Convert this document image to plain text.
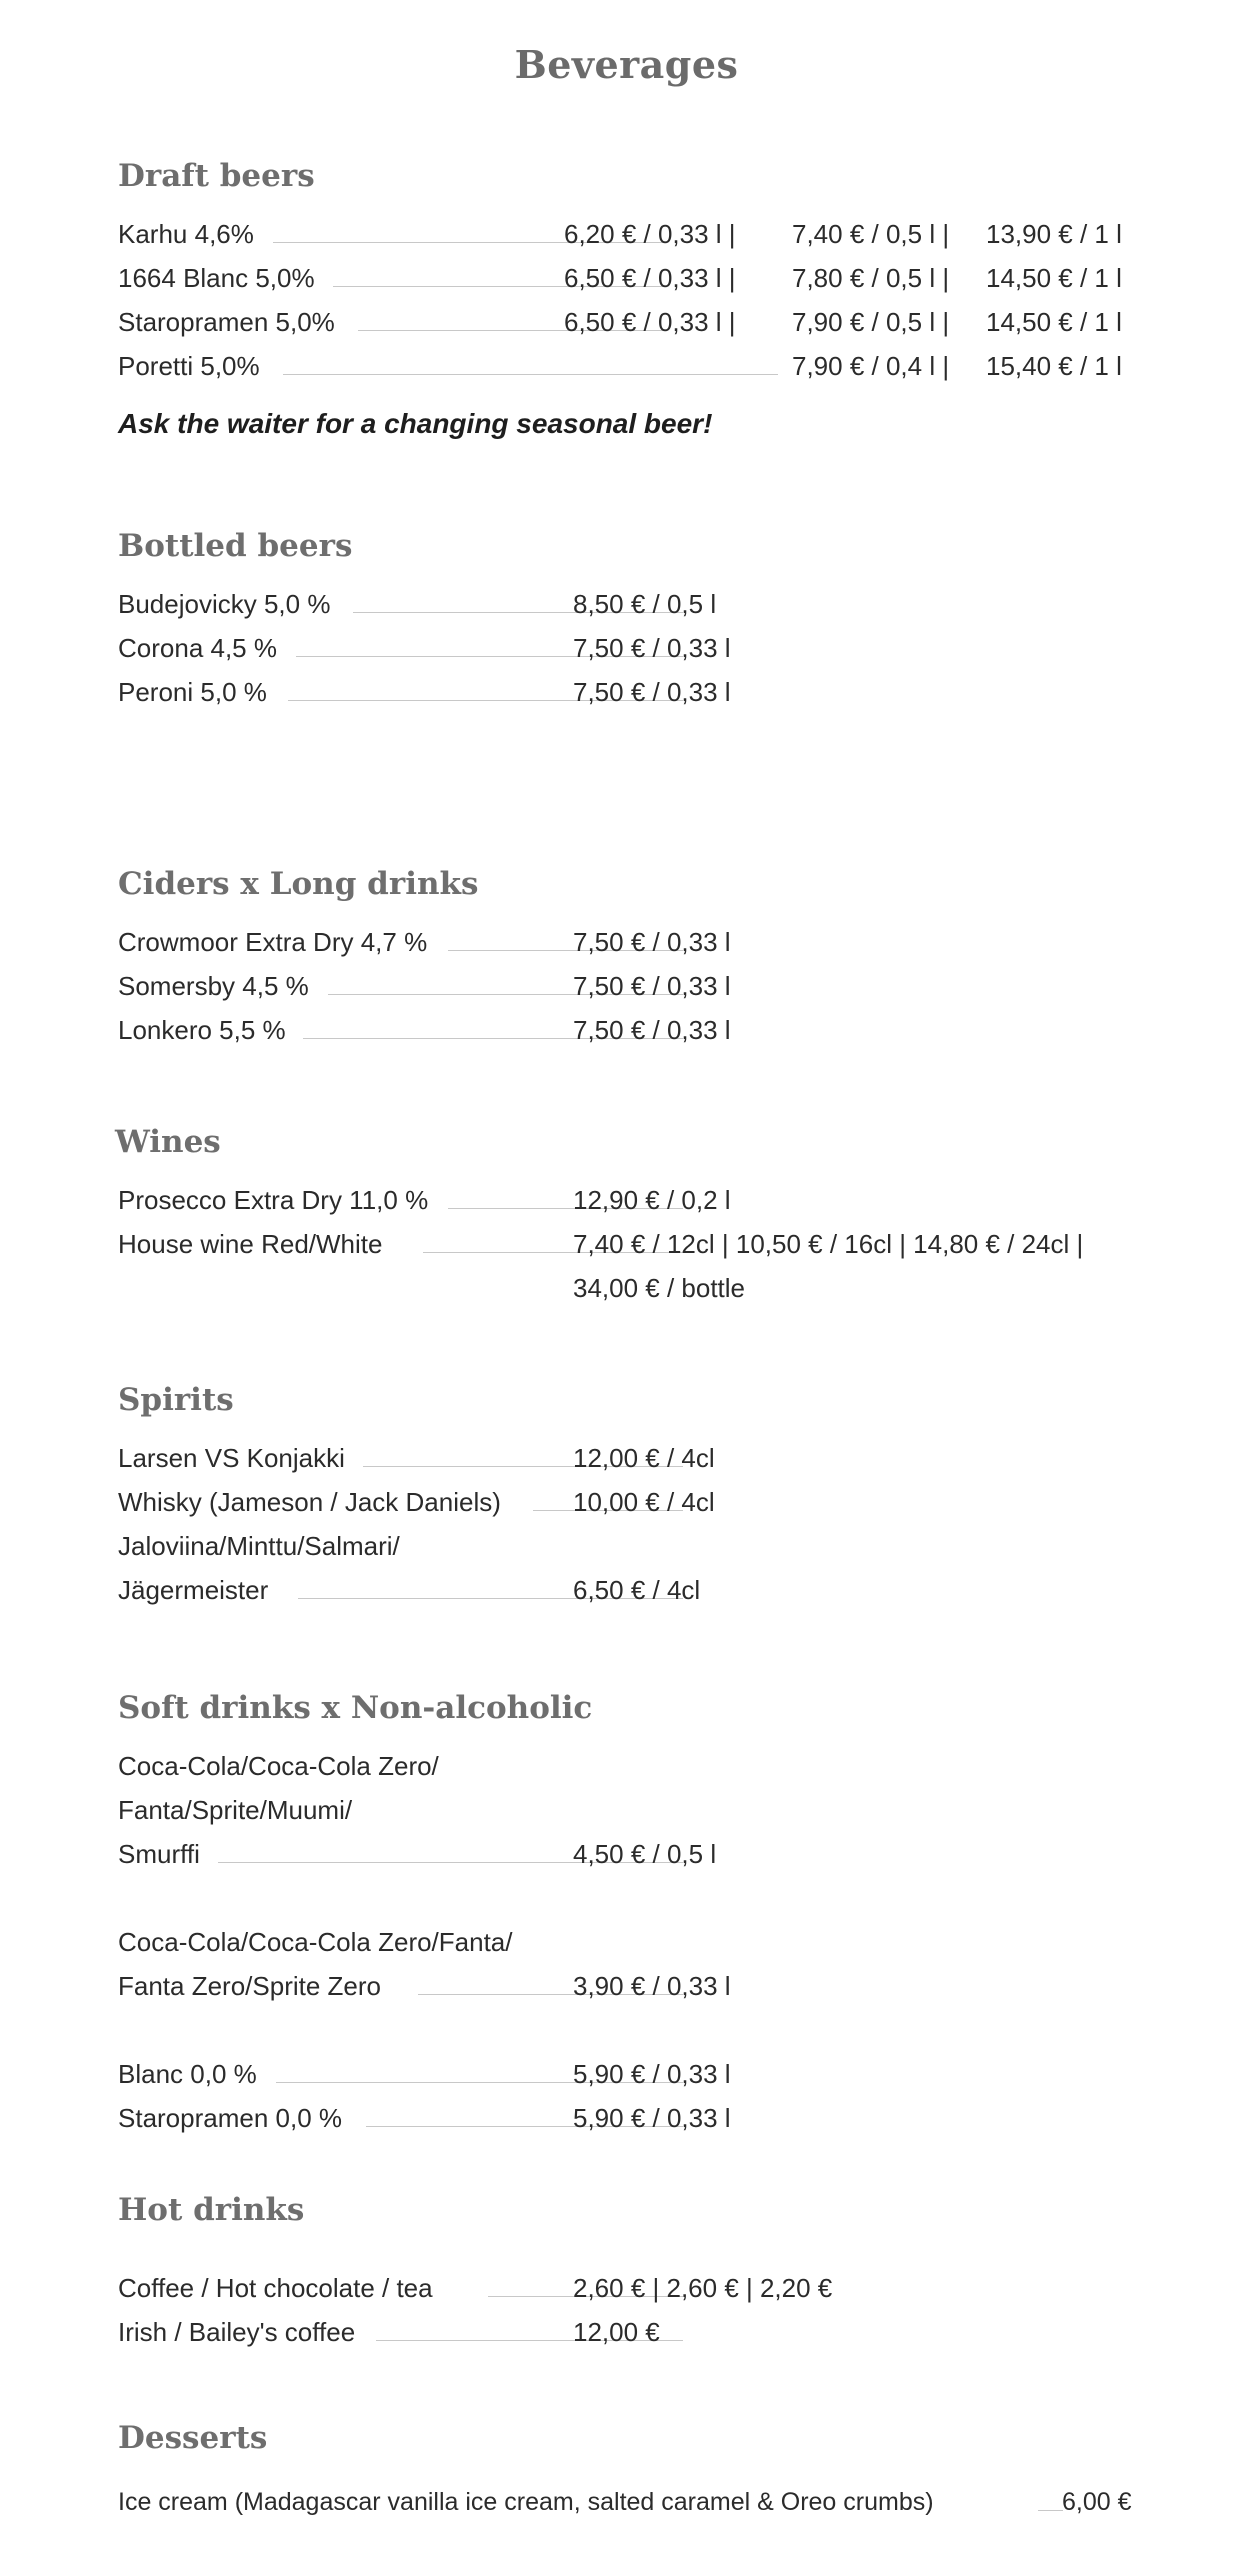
Beverages
Draft beers
Karhu 4,6%	6,20 € / 0,33 l | 7,40 € / 0,5 l | 13,90 € / 1 l
1664 Blanc 5,0%	6,50 € / 0,33 l | 7,80 € / 0,5 l | 14,50 € / 1 l
Staropramen 5,0%	6,50 € / 0,33 l | 7,90 € / 0,5 l | 14,50 € / 1 l
Poretti 5,0%	7,90 € / 0,4 l | 15,40 € / 1 l
Ask the waiter for a changing seasonal beer!
Bottled beers
Budejovicky 5,0 %	8,50 € / 0,5 l
Corona 4,5 %	7,50 € / 0,33 l
Peroni 5,0 %	7,50 € / 0,33 l
Ciders x Long drinks
Crowmoor Extra Dry 4,7 %	7,50 € / 0,33 l
Somersby 4,5 %	7,50 € / 0,33 l
Lonkero 5,5 %	7,50 € / 0,33 l
Wines
Prosecco Extra Dry 11,0 %	12,90 € / 0,2 l
House wine Red/White	7,40 € / 12cl | 10,50 € / 16cl | 14,80 € / 24cl |
34,00 € / bottle
Spirits
Larsen VS Konjakki	12,00 € / 4cl
Whisky (Jameson / Jack Daniels)	10,00 € / 4cl
Jaloviina/Minttu/Salmari/
Jägermeister	6,50 € / 4cl
Soft drinks x Non-alcoholic
Coca-Cola/Coca-Cola Zero/
Fanta/Sprite/Muumi/
Smurffi	4,50 € / 0,5 l
Coca-Cola/Coca-Cola Zero/Fanta/
Fanta Zero/Sprite Zero	3,90 € / 0,33 l
Blanc 0,0 %	5,90 € / 0,33 l
Staropramen 0,0 %	5,90 € / 0,33 l
Hot drinks
Coffee / Hot chocolate / tea	2,60 € | 2,60 € | 2,20 €
Irish / Bailey's coffee	12,00 €
Desserts
Ice cream (Madagascar vanilla ice cream, salted caramel & Oreo crumbs)	6,00 €
